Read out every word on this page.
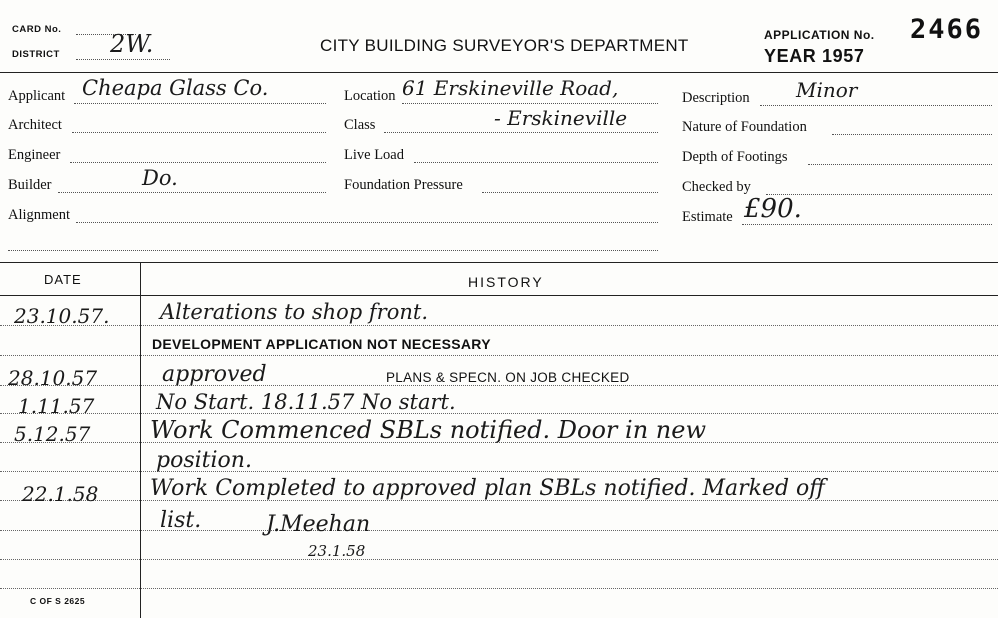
CARD No.
DISTRICT 2W.	CITY BUILDING SURVEYOR'S DEPARTMENT
APPLICATION No. 2466
YEAR 1957
Applicant Cheapa Glass Co.
Architect
Engineer
Builder	Do.
Alignment
Location 61 Erskineville Road,
Class	- Erskineville
Live Load
Foundation Pressure
Description Minor
Nature of Foundation
Depth of Footings
Checked by
Estimate £90.
DATE	HISTORY
23.10.57. Alterations to shop front.
DEVELOPMENT APPLICATION NOT NECESSARY
28.10.57	approved	PLANS & SPECN. ON JOB CHECKED
1.11.57	No Start. 18.11.57 No start.
5.12.57 Work Commenced SBLs notified. Door in new
position.
22.1.58 Work Completed to approved plan SBLs notified. Marked off
list.	J.Meehan
23.1.58
C OF S 2625
